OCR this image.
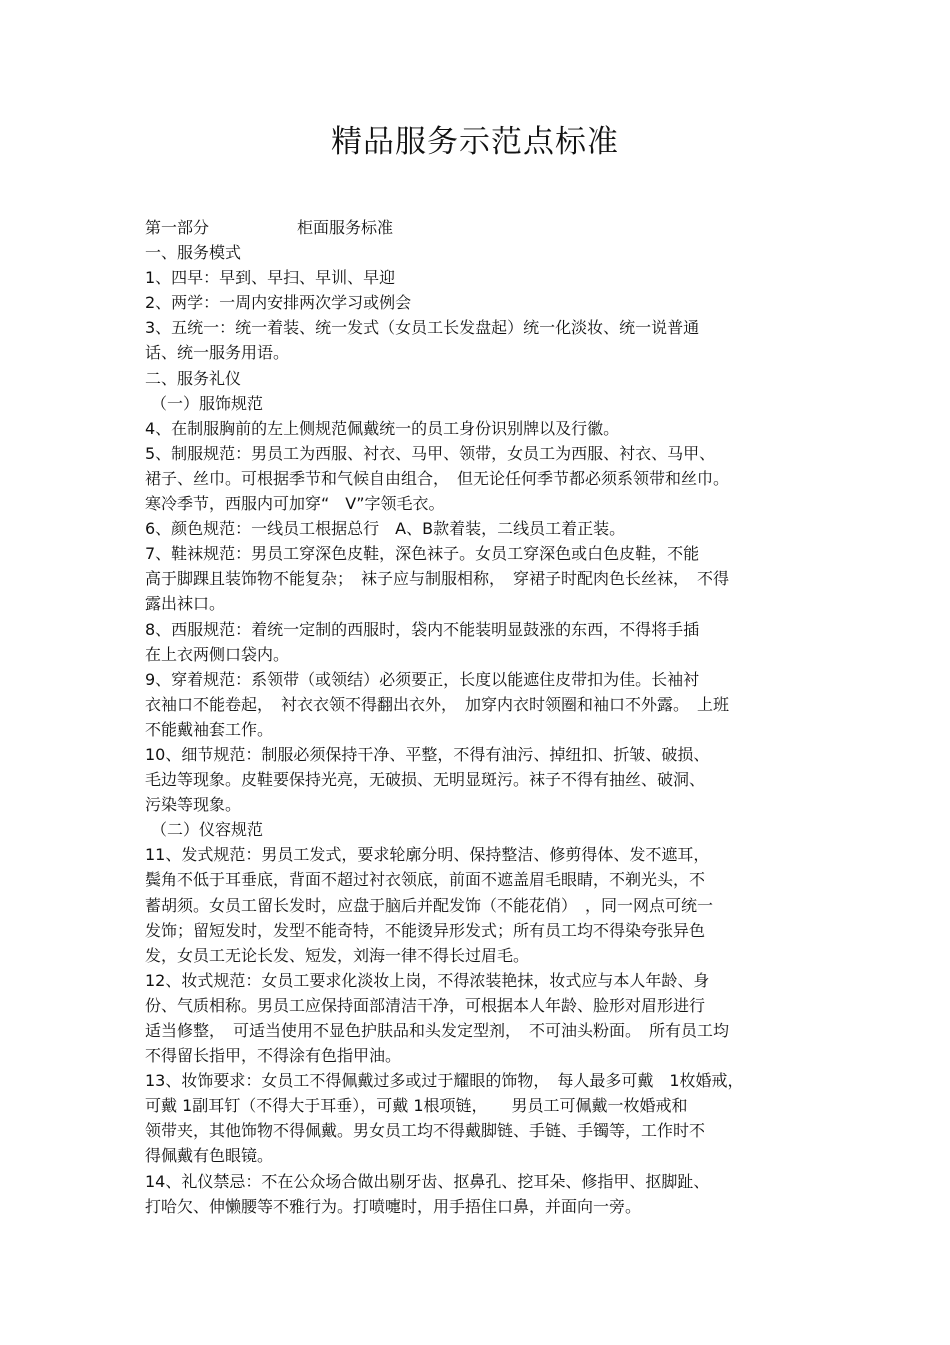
精品服务示范点标准
第一部分	柜面服务标准
一、服务模式
1、四早：早到、早扫、早训、早迎
2、两学：一周内安排两次学习或例会
3、五统一：统一着装、统一发式（女员工长发盘起）统一化淡妆、统一说普通
话、统一服务用语。
二、服务礼仪
（一）服饰规范
4、在制服胸前的左上侧规范佩戴统一的员工身份识别牌以及行徽。
5、制服规范：男员工为西服、衬衣、马甲、领带，女员工为西服、衬衣、马甲、
裙子、丝巾。可根据季节和气候自由组合，　但无论任何季节都必须系领带和丝巾。
寒冷季节，西服内可加穿“　V”字领毛衣。
6、颜色规范：一线员工根据总行　A、B款着装，二线员工着正装。
7、鞋袜规范：男员工穿深色皮鞋，深色袜子。女员工穿深色或白色皮鞋，不能
高于脚踝且装饰物不能复杂；　袜子应与制服相称，　穿裙子时配肉色长丝袜，　不得
露出袜口。
8、西服规范：着统一定制的西服时，袋内不能装明显鼓涨的东西，不得将手插
在上衣两侧口袋内。
9、穿着规范：系领带（或领结）必须要正，长度以能遮住皮带扣为佳。长袖衬
衣袖口不能卷起，　衬衣衣领不得翻出衣外，　加穿内衣时领圈和袖口不外露。　上班
不能戴袖套工作。
10、细节规范：制服必须保持干净、平整，不得有油污、掉纽扣、折皱、破损、
毛边等现象。皮鞋要保持光亮，无破损、无明显斑污。袜子不得有抽丝、破洞、
污染等现象。
（二）仪容规范
11、发式规范：男员工发式，要求轮廓分明、保持整洁、修剪得体、发不遮耳，
鬓角不低于耳垂底，背面不超过衬衣领底，前面不遮盖眉毛眼睛，不剃光头，不
蓄胡须。女员工留长发时，应盘于脑后并配发饰（不能花俏）　，同一网点可统一
发饰；留短发时，发型不能奇特，不能烫异形发式；所有员工均不得染夸张异色
发，女员工无论长发、短发，刘海一律不得长过眉毛。
12、妆式规范：女员工要求化淡妆上岗，不得浓装艳抹，妆式应与本人年龄、身
份、气质相称。男员工应保持面部清洁干净，可根据本人年龄、脸形对眉形进行
适当修整，　可适当使用不显色护肤品和头发定型剂，　不可油头粉面。　所有员工均
不得留长指甲，不得涂有色指甲油。
13、妆饰要求：女员工不得佩戴过多或过于耀眼的饰物，　每人最多可戴　1枚婚戒，
可戴 1副耳钉（不得大于耳垂），可戴 1根项链，　　男员工可佩戴一枚婚戒和
领带夹，其他饰物不得佩戴。男女员工均不得戴脚链、手链、手镯等，工作时不
得佩戴有色眼镜。
14、礼仪禁忌：不在公众场合做出剔牙齿、抠鼻孔、挖耳朵、修指甲、抠脚趾、
打哈欠、伸懒腰等不雅行为。打喷嚏时，用手捂住口鼻，并面向一旁。
